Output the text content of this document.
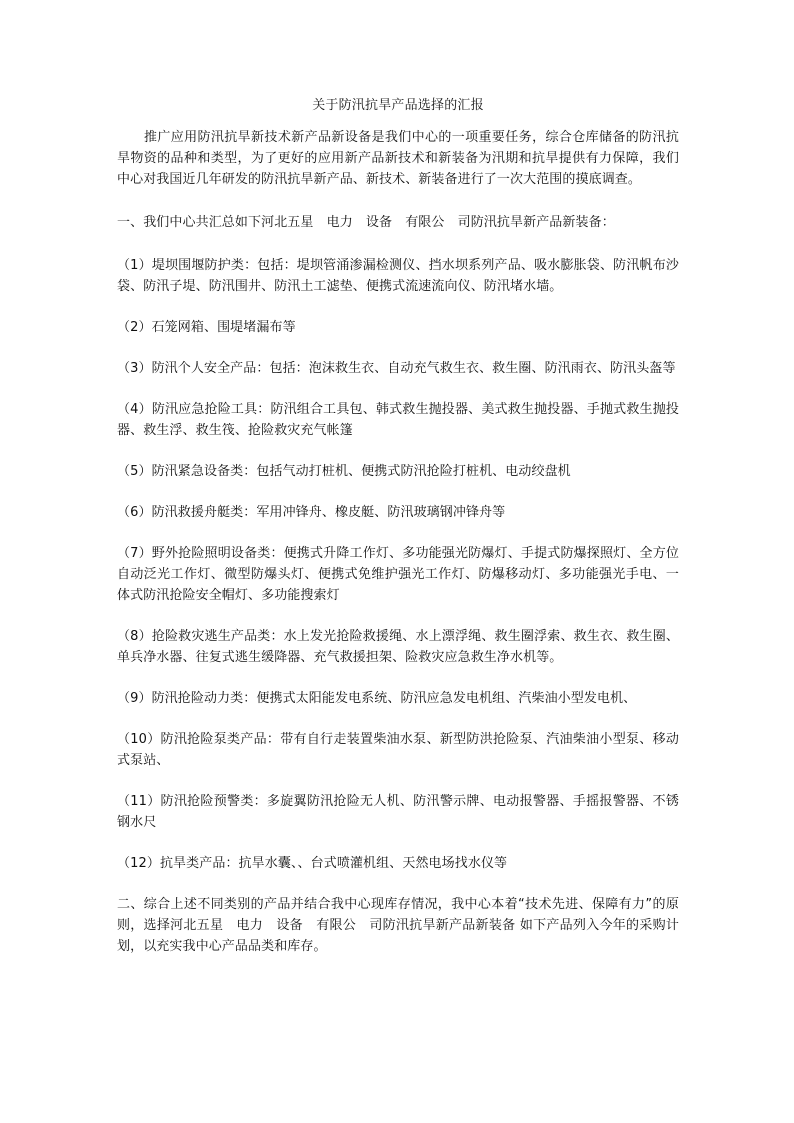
关于防汛抗旱产品选择的汇报

推广应用防汛抗旱新技术新产品新设备是我们中心的一项重要任务，综合仓库储备的防汛抗旱物资的品种和类型，为了更好的应用新产品新技术和新装备为汛期和抗旱提供有力保障，我们中心对我国近几年研发的防汛抗旱新产品、新技术、新装备进行了一次大范围的摸底调查。

一、我们中心共汇总如下河北五星　电力　设备　有限公　司防汛抗旱新产品新装备：

（1）堤坝围堰防护类：包括：堤坝管涌渗漏检测仪、挡水坝系列产品、吸水膨胀袋、防汛帆布沙袋、防汛子堤、防汛围井、防汛土工滤垫、便携式流速流向仪、防汛堵水墙。

（2）石笼网箱、围堤堵漏布等

（3）防汛个人安全产品：包括：泡沫救生衣、自动充气救生衣、救生圈、防汛雨衣、防汛头盔等

（4）防汛应急抢险工具：防汛组合工具包、韩式救生抛投器、美式救生抛投器、手抛式救生抛投器、救生浮、救生筏、抢险救灾充气帐篷

（5）防汛紧急设备类：包括气动打桩机、便携式防汛抢险打桩机、电动绞盘机

（6）防汛救援舟艇类：军用冲锋舟、橡皮艇、防汛玻璃钢冲锋舟等

（7）野外抢险照明设备类：便携式升降工作灯、多功能强光防爆灯、手提式防爆探照灯、全方位自动泛光工作灯、微型防爆头灯、便携式免维护强光工作灯、防爆移动灯、多功能强光手电、一体式防汛抢险安全帽灯、多功能搜索灯

（8）抢险救灾逃生产品类：水上发光抢险救援绳、水上漂浮绳、救生圈浮索、救生衣、救生圈、单兵净水器、往复式逃生缓降器、充气救援担架、险救灾应急救生净水机等。

（9）防汛抢险动力类：便携式太阳能发电系统、防汛应急发电机组、汽柴油小型发电机、

（10）防汛抢险泵类产品：带有自行走装置柴油水泵、新型防洪抢险泵、汽油柴油小型泵、移动式泵站、

（11）防汛抢险预警类：多旋翼防汛抢险无人机、防汛警示牌、电动报警器、手摇报警器、不锈钢水尺

（12）抗旱类产品：抗旱水囊、、台式喷灌机组、天然电场找水仪等

二、综合上述不同类别的产品并结合我中心现库存情况，我中心本着“技术先进、保障有力”的原则，选择河北五星　电力　设备　有限公　司防汛抗旱新产品新装备 如下产品列入今年的采购计划，以充实我中心产品品类和库存。
